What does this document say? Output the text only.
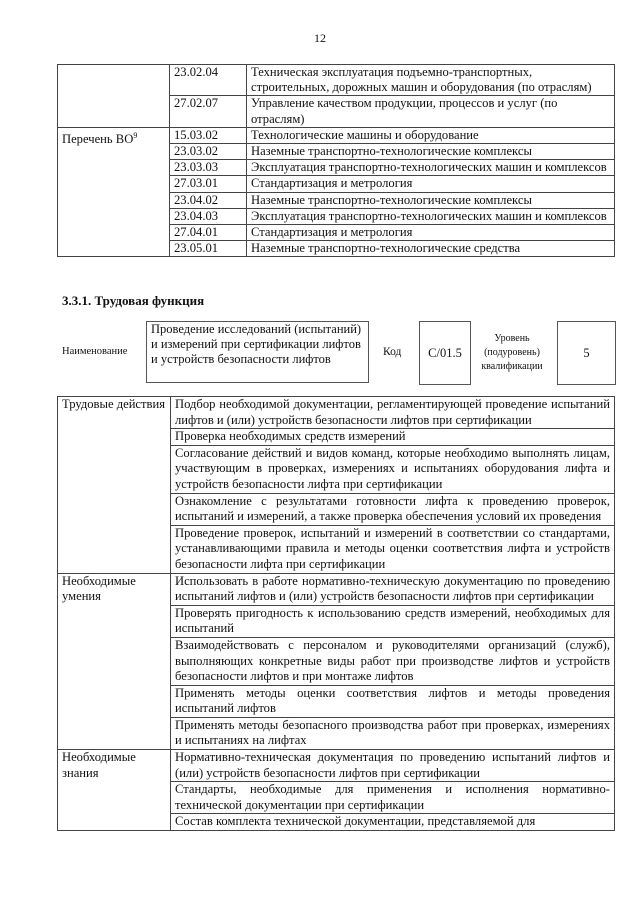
12
	23.02.04	Техническая эксплуатация подъемно-транспортных, строительных, дорожных машин и оборудования (по отраслям)
	27.02.07	Управление качеством продукции, процессов и услуг (по отраслям)
Перечень $ВО^9$	15.03.02	Технологические машины и оборудование
	23.03.02	Наземные транспортно-технологические комплексы
	23.03.03	Эксплуатация транспортно-технологических машин и комплексов
	27.03.01	Стандартизация и метрология
	23.04.02	Наземные транспортно-технологические комплексы
	23.04.03	Эксплуатация транспортно-технологических машин и комплексов
	27.04.01	Стандартизация и метрология
	23.05.01	Наземные транспортно-технологические средства
3.3.1. Трудовая функция
Наименование
Проведение исследований (испытаний) и измерений при сертификации лифтов и устройств безопасности лифтов	Код	C/01.5
Уровень (подуровень) квалификации
5
Трудовые действия	Подбор необходимой документации, регламентирующей проведение испытаний лифтов и (или) устройств безопасности лифтов при сертификации
	Проверка необходимых средств измерений
	Согласование действий и видов команд, которые необходимо выполнять лицам, участвующим в проверках, измерениях и испытаниях оборудования лифта и устройств безопасности лифта при сертификации
	Ознакомление с результатами готовности лифта к проведению проверок, испытаний и измерений, а также проверка обеспечения условий их проведения
	Проведение проверок, испытаний и измерений в соответствии со стандартами, устанавливающими правила и методы оценки соответствия лифта и устройств безопасности лифта при сертификации
Необходимые умения	Использовать в работе нормативно-техническую документацию по проведению испытаний лифтов и (или) устройств безопасности лифтов при сертификации
	Проверять пригодность к использованию средств измерений, необходимых для испытаний
	Взаимодействовать с персоналом и руководителями организаций (служб), выполняющих конкретные виды работ при производстве лифтов и устройств безопасности лифтов и при монтаже лифтов
	Применять методы оценки соответствия лифтов и методы проведения испытаний лифтов
	Применять методы безопасного производства работ при проверках, измерениях и испытаниях на лифтах
Необходимые знания	Нормативно-техническая документация по проведению испытаний лифтов и (или) устройств безопасности лифтов при сертификации
	Стандарты, необходимые для применения и исполнения нормативно-технической документации при сертификации
	Состав комплекта технической документации, представляемой для
